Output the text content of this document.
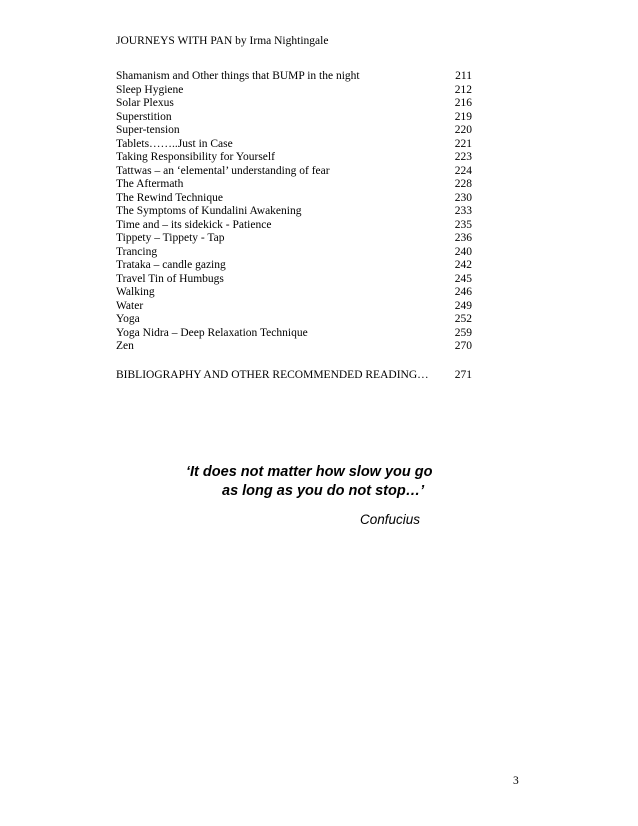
JOURNEYS WITH PAN by Irma Nightingale
Shamanism and Other things that BUMP in the night	211
Sleep Hygiene	212
Solar Plexus	216
Superstition	219
Super-tension	220
Tablets……..Just in Case	221
Taking Responsibility for Yourself	223
Tattwas – an ‘elemental’ understanding of fear	224
The Aftermath	228
The Rewind Technique	230
The Symptoms of Kundalini Awakening	233
Time and – its sidekick - Patience	235
Tippety – Tippety - Tap	236
Trancing	240
Trataka – candle gazing	242
Travel Tin of Humbugs	245
Walking	246
Water	249
Yoga	252
Yoga Nidra – Deep Relaxation Technique	259
Zen	270
BIBLIOGRAPHY AND OTHER RECOMMENDED READING…	271
‘It does not matter how slow you go
as long as you do not stop…’
Confucius
3
